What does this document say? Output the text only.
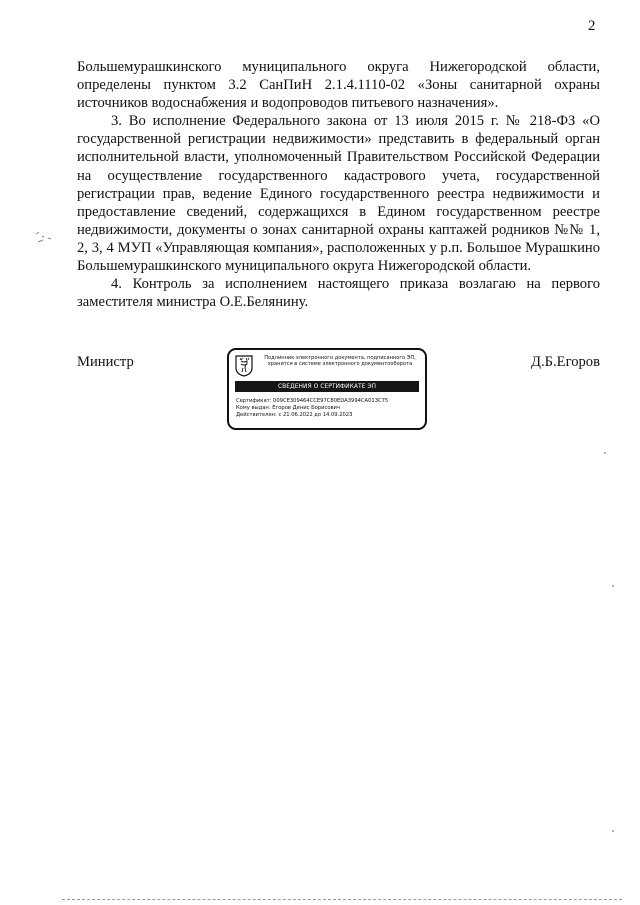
2

Большемурашкинского муниципального округа Нижегородской области, определены пунктом 3.2 СанПиН 2.1.4.1110-02 «Зоны санитарной охраны источников водоснабжения и водопроводов питьевого назначения».

3. Во исполнение Федерального закона от 13 июля 2015 г. № 218-ФЗ «О государственной регистрации недвижимости» представить в федеральный орган исполнительной власти, уполномоченный Правительством Российской Федерации на осуществление государственного кадастрового учета, государственной регистрации прав, ведение Единого государственного реестра недвижимости и предоставление сведений, содержащихся в Едином государственном реестре недвижимости, документы о зонах санитарной охраны каптажей родников №№ 1, 2, 3, 4 МУП «Управляющая компания», расположенных у р.п. Большое Мурашкино Большемурашкинского муниципального округа Нижегородской области.

4. Контроль за исполнением настоящего приказа возлагаю на первого заместителя министра О.Е.Белянину.

Министр	Подлинник электронного документа, подписанного ЭП,
хранится в системе электронного документооборота
СВЕДЕНИЯ О СЕРТИФИКАТЕ ЭП
Сертификат: 009CE309464CCE97C80EDA3994CA013C75
Кому выдан: Егоров Денис Борисович
Действителен: с 21.06.2022 до 14.09.2023
Д.Б.Егоров
